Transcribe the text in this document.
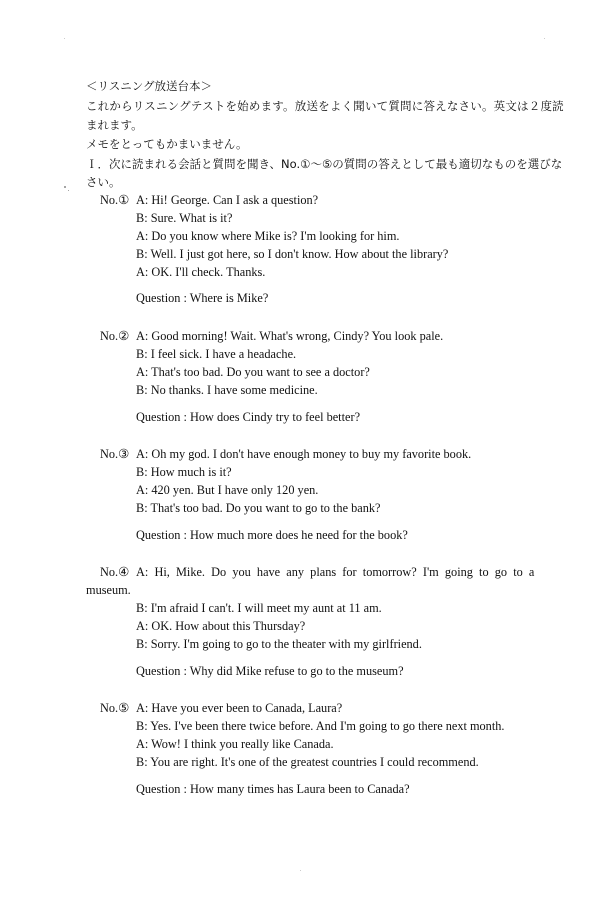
＜リスニング放送台本＞
これからリスニングテストを始めます。放送をよく聞いて質問に答えなさい。英文は２度読
まれます。
メモをとってもかまいません。
Ｉ．次に読まれる会話と質問を聞き、No.①～⑤の質問の答えとして最も適切なものを選びな
さい。
No.① A: Hi! George. Can I ask a question?
B: Sure. What is it?
A: Do you know where Mike is? I'm looking for him.
B: Well. I just got here, so I don't know. How about the library?
A: OK. I'll check. Thanks.
Question : Where is Mike?
No.② A: Good morning! Wait. What's wrong, Cindy? You look pale.
B: I feel sick. I have a headache.
A: That's too bad. Do you want to see a doctor?
B: No thanks. I have some medicine.
Question : How does Cindy try to feel better?
No.③ A: Oh my god. I don't have enough money to buy my favorite book.
B: How much is it?
A: 420 yen. But I have only 120 yen.
B: That's too bad. Do you want to go to the bank?
Question : How much more does he need for the book?
No.④ A:  Hi,  Mike.  Do  you  have  any  plans  for  tomorrow?  I'm  going  to  go  to  a
museum.
B: I'm afraid I can't. I will meet my aunt at 11 am.
A: OK. How about this Thursday?
B: Sorry. I'm going to go to the theater with my girlfriend.
Question : Why did Mike refuse to go to the museum?
No.⑤ A: Have you ever been to Canada, Laura?
B: Yes. I've been there twice before. And I'm going to go there next month.
A: Wow! I think you really like Canada.
B: You are right. It's one of the greatest countries I could recommend.
Question : How many times has Laura been to Canada?
